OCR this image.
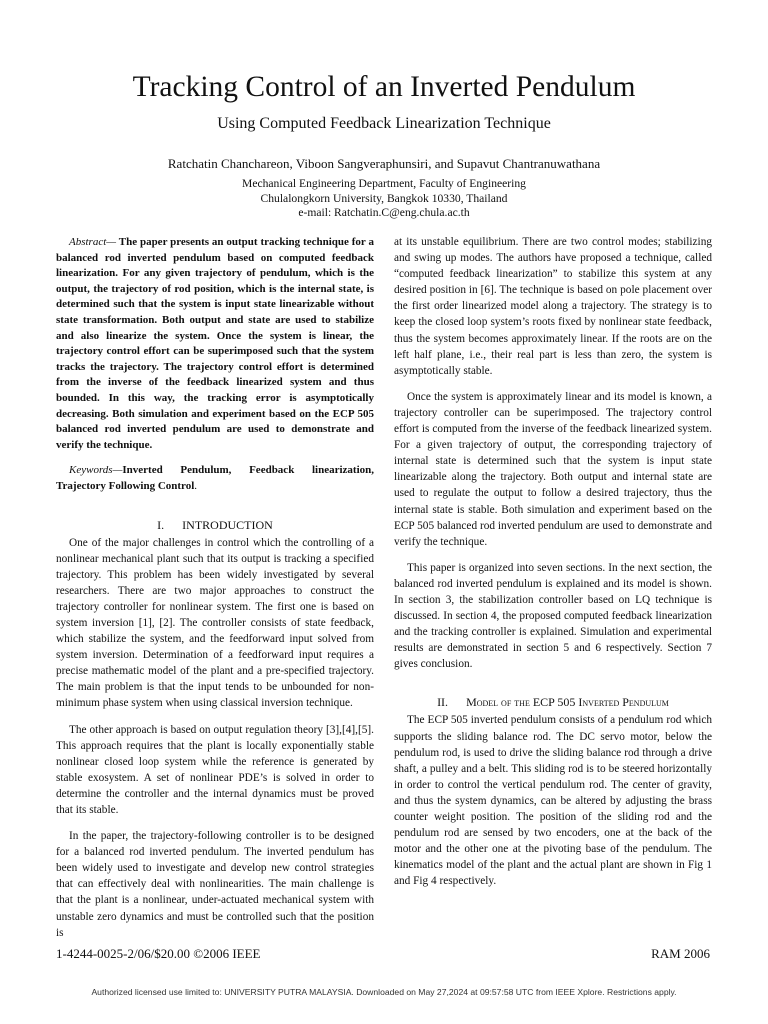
Tracking Control of an Inverted Pendulum
Using Computed Feedback Linearization Technique
Ratchatin Chanchareon, Viboon Sangveraphunsiri, and Supavut Chantranuwathana
Mechanical Engineering Department, Faculty of Engineering
Chulalongkorn University, Bangkok 10330, Thailand
e-mail: Ratchatin.C@eng.chula.ac.th

Abstract— The paper presents an output tracking technique for a balanced rod inverted pendulum based on computed feedback linearization. For any given trajectory of pendulum, which is the output, the trajectory of rod position, which is the internal state, is determined such that the system is input state linearizable without state transformation. Both output and state are used to stabilize and also linearize the system. Once the system is linear, the trajectory control effort can be superimposed such that the system tracks the trajectory. The trajectory control effort is determined from the inverse of the feedback linearized system and thus bounded. In this way, the tracking error is asymptotically decreasing. Both simulation and experiment based on the ECP 505 balanced rod inverted pendulum are used to demonstrate and verify the technique.

Keywords—Inverted Pendulum, Feedback linearization, Trajectory Following Control.

I. INTRODUCTION

One of the major challenges in control which the controlling of a nonlinear mechanical plant such that its output is tracking a specified trajectory. This problem has been widely investigated by several researchers. There are two major approaches to construct the trajectory controller for nonlinear system. The first one is based on system inversion [1], [2]. The controller consists of state feedback, which stabilize the system, and the feedforward input solved from system inversion. Determination of a feedforward input requires a precise mathematic model of the plant and a pre-specified trajectory. The main problem is that the input tends to be unbounded for non-minimum phase system when using classical inversion technique.

The other approach is based on output regulation theory [3],[4],[5]. This approach requires that the plant is locally exponentially stable nonlinear closed loop system while the reference is generated by stable exosystem. A set of nonlinear PDE’s is solved in order to determine the controller and the internal dynamics must be proved that its stable.

In the paper, the trajectory-following controller is to be designed for a balanced rod inverted pendulum. The inverted pendulum has been widely used to investigate and develop new control strategies that can effectively deal with nonlinearities. The main challenge is that the plant is a nonlinear, under-actuated mechanical system with unstable zero dynamics and must be controlled such that the position is

at its unstable equilibrium. There are two control modes; stabilizing and swing up modes. The authors have proposed a technique, called “computed feedback linearization” to stabilize this system at any desired position in [6]. The technique is based on pole placement over the first order linearized model along a trajectory. The strategy is to keep the closed loop system’s roots fixed by nonlinear state feedback, thus the system becomes approximately linear. If the roots are on the left half plane, i.e., their real part is less than zero, the system is asymptotically stable.

Once the system is approximately linear and its model is known, a trajectory controller can be superimposed. The trajectory control effort is computed from the inverse of the feedback linearized system. For a given trajectory of output, the corresponding trajectory of internal state is determined such that the system is input state linearizable along the trajectory. Both output and internal state are used to regulate the output to follow a desired trajectory, thus the internal state is stable. Both simulation and experiment based on the ECP 505 balanced rod inverted pendulum are used to demonstrate and verify the technique.

This paper is organized into seven sections. In the next section, the balanced rod inverted pendulum is explained and its model is shown. In section 3, the stabilization controller based on LQ technique is discussed. In section 4, the proposed computed feedback linearization and the tracking controller is explained. Simulation and experimental results are demonstrated in section 5 and 6 respectively. Section 7 gives conclusion.

II. Model of the ECP 505 Inverted Pendulum

The ECP 505 inverted pendulum consists of a pendulum rod which supports the sliding balance rod. The DC servo motor, below the pendulum rod, is used to drive the sliding balance rod through a drive shaft, a pulley and a belt. This sliding rod is to be steered horizontally in order to control the vertical pendulum rod. The center of gravity, and thus the system dynamics, can be altered by adjusting the brass counter weight position. The position of the sliding rod and the pendulum rod are sensed by two encoders, one at the back of the motor and the other one at the pivoting base of the pendulum. The kinematics model of the plant and the actual plant are shown in Fig 1 and Fig 4 respectively.

1-4244-0025-2/06/$20.00 ©2006 IEEE	RAM 2006
Authorized licensed use limited to: UNIVERSITY PUTRA MALAYSIA. Downloaded on May 27,2024 at 09:57:58 UTC from IEEE Xplore. Restrictions apply.
